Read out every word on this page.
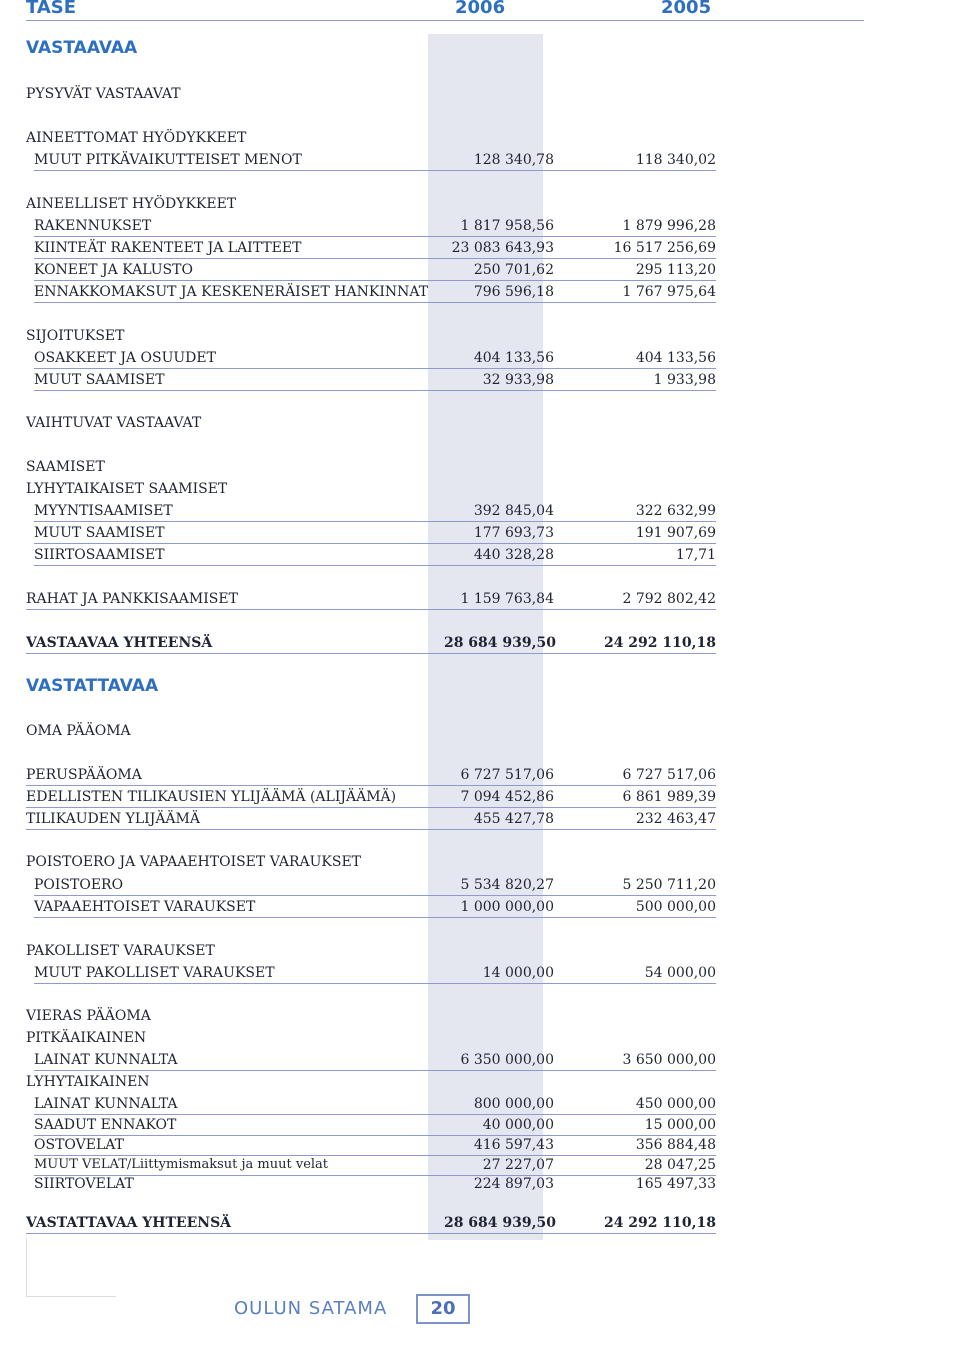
TASE	2006	2005
VASTAAVAA
VASTATTAVAA
PYSYVÄT VASTAAVAT
AINEETTOMAT HYÖDYKKEET
MUUT PITKÄVAIKUTTEISET MENOT	128 340,78	118 340,02
AINEELLISET HYÖDYKKEET
RAKENNUKSET	1 817 958,56	1 879 996,28
KIINTEÄT RAKENTEET JA LAITTEET	23 083 643,93	16 517 256,69
KONEET JA KALUSTO	250 701,62	295 113,20
ENNAKKOMAKSUT JA KESKENERÄISET HANKINNAT	796 596,18	1 767 975,64
SIJOITUKSET
OSAKKEET JA OSUUDET	404 133,56	404 133,56
MUUT SAAMISET	32 933,98	1 933,98
VAIHTUVAT VASTAAVAT
SAAMISET
LYHYTAIKAISET SAAMISET
MYYNTISAAMISET	392 845,04	322 632,99
MUUT SAAMISET	177 693,73	191 907,69
SIIRTOSAAMISET	440 328,28	17,71
RAHAT JA PANKKISAAMISET	1 159 763,84	2 792 802,42
VASTAAVAA YHTEENSÄ	28 684 939,50	24 292 110,18
OMA PÄÄOMA
PERUSPÄÄOMA	6 727 517,06	6 727 517,06
EDELLISTEN TILIKAUSIEN YLIJÄÄMÄ (ALIJÄÄMÄ)	7 094 452,86	6 861 989,39
TILIKAUDEN YLIJÄÄMÄ	455 427,78	232 463,47
POISTOERO JA VAPAAEHTOISET VARAUKSET
POISTOERO	5 534 820,27	5 250 711,20
VAPAAEHTOISET VARAUKSET	1 000 000,00	500 000,00
PAKOLLISET VARAUKSET
MUUT PAKOLLISET VARAUKSET	14 000,00	54 000,00
VIERAS PÄÄOMA
PITKÄAIKAINEN
LAINAT KUNNALTA	6 350 000,00	3 650 000,00
LYHYTAIKAINEN
LAINAT KUNNALTA	800 000,00	450 000,00
SAADUT ENNAKOT	40 000,00	15 000,00
OSTOVELAT	416 597,43	356 884,48
MUUT VELAT/Liittymismaksut ja muut velat	27 227,07	28 047,25
SIIRTOVELAT	224 897,03	165 497,33
VASTATTAVAA YHTEENSÄ	28 684 939,50	24 292 110,18
OULUN SATAMA	20
